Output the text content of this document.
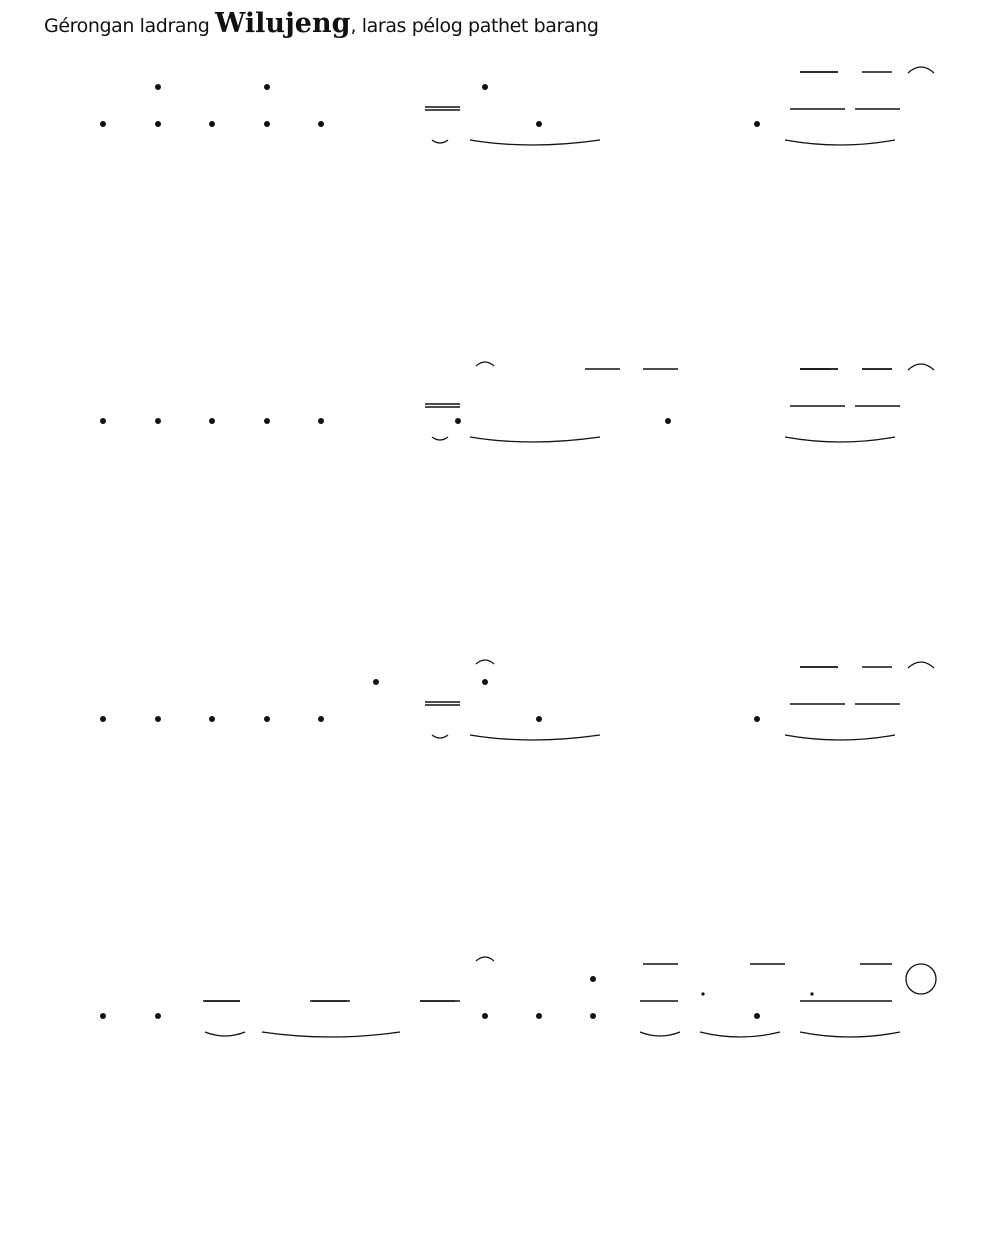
Gérongan ladrang Wilujeng, laras pélog pathet barang
